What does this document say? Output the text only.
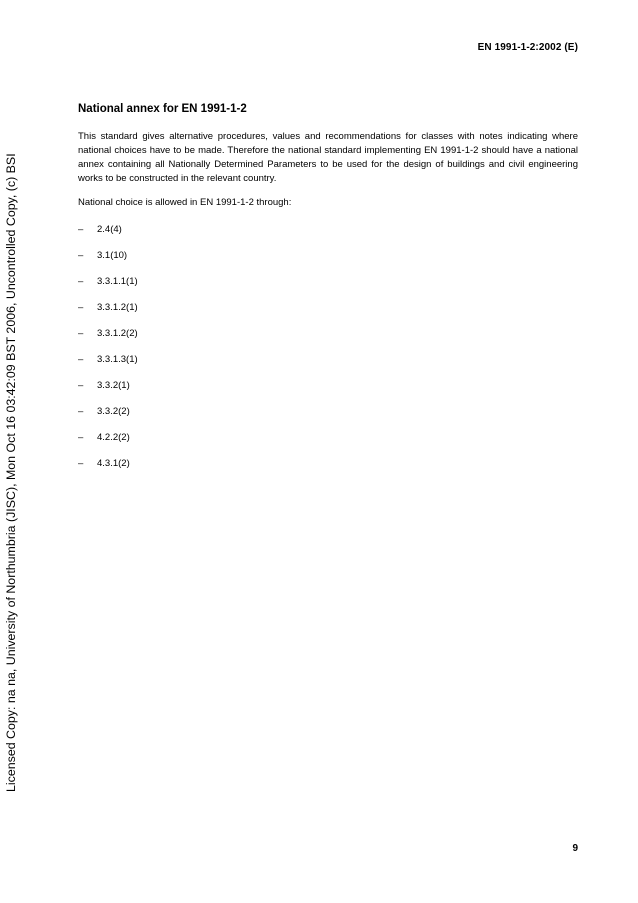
EN 1991-1-2:2002 (E)
Licensed Copy: na na, University of Northumbria (JISC), Mon Oct 16 03:42:09 BST 2006, Uncontrolled Copy, (c) BSI
National annex for EN 1991-1-2

This standard gives alternative procedures, values and recommendations for classes with notes indicating where national choices have to be made. Therefore the national standard implementing EN 1991-1-2 should have a national annex containing all Nationally Determined Parameters to be used for the design of buildings and civil engineering works to be constructed in the relevant country.

National choice is allowed in EN 1991-1-2 through:

–	2.4(4)
–	3.1(10)
–	3.3.1.1(1)
–	3.3.1.2(1)
–	3.3.1.2(2)
–	3.3.1.3(1)
–	3.3.2(1)
–	3.3.2(2)
–	4.2.2(2)
–	4.3.1(2)
9
